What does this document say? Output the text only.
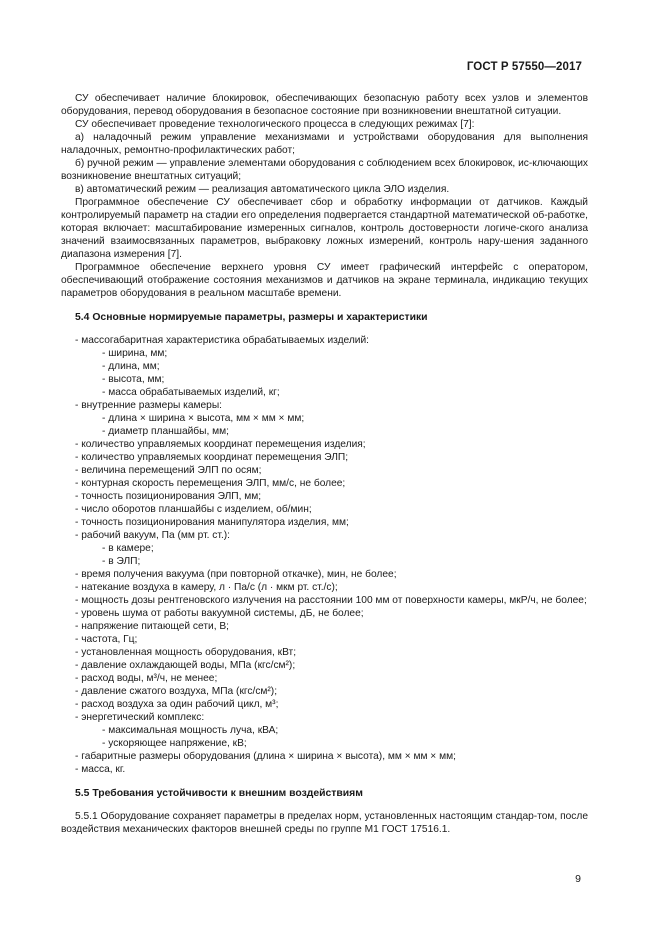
ГОСТ Р 57550—2017

СУ обеспечивает наличие блокировок, обеспечивающих безопасную работу всех узлов и элементов оборудования, перевод оборудования в безопасное состояние при возникновении внештатной ситуации.

СУ обеспечивает проведение технологического процесса в следующих режимах [7]:

а) наладочный режим управление механизмами и устройствами оборудования для выполнения наладочных, ремонтно-профилактических работ;

б) ручной режим — управление элементами оборудования с соблюдением всех блокировок, ис-ключающих возникновение внештатных ситуаций;

в) автоматический режим — реализация автоматического цикла ЭЛО изделия.

Программное обеспечение СУ обеспечивает сбор и обработку информации от датчиков. Каждый контролируемый параметр на стадии его определения подвергается стандартной математической об-работке, которая включает: масштабирование измеренных сигналов, контроль достоверности логиче-ского анализа значений взаимосвязанных параметров, выбраковку ложных измерений, контроль нару-шения заданного диапазона измерения [7].

Программное обеспечение верхнего уровня СУ имеет графический интерфейс с оператором, обеспечивающий отображение состояния механизмов и датчиков на экране терминала, индикацию текущих параметров оборудования в реальном масштабе времени.

5.4 Основные нормируемые параметры, размеры и характеристики
- массогабаритная характеристика обрабатываемых изделий:
- ширина, мм;
- длина, мм;
- высота, мм;
- масса обрабатываемых изделий, кг;
- внутренние размеры камеры:
- длина × ширина × высота, мм × мм × мм;
- диаметр планшайбы, мм;
- количество управляемых координат перемещения изделия;
- количество управляемых координат перемещения ЭЛП;
- величина перемещений ЭЛП по осям;
- контурная скорость перемещения ЭЛП, мм/с, не более;
- точность позиционирования ЭЛП, мм;
- число оборотов планшайбы с изделием, об/мин;
- точность позиционирования манипулятора изделия, мм;
- рабочий вакуум, Па (мм рт. ст.):
- в камере;
- в ЭЛП;
- время получения вакуума (при повторной откачке), мин, не более;
- натекание воздуха в камеру, л · Па/с (л · мкм рт. ст./с);
- мощность дозы рентгеновского излучения на расстоянии 100 мм от поверхности камеры, мкР/ч, не более;
- уровень шума от работы вакуумной системы, дБ, не более;
- напряжение питающей сети, В;
- частота, Гц;
- установленная мощность оборудования, кВт;
- давление охлаждающей воды, МПа (кгс/см²);
- расход воды, м³/ч, не менее;
- давление сжатого воздуха, МПа (кгс/см²);
- расход воздуха за один рабочий цикл, м³;
- энергетический комплекс:
- максимальная мощность луча, кВА;
- ускоряющее напряжение, кВ;
- габаритные размеры оборудования (длина × ширина × высота), мм × мм × мм;
- масса, кг.
5.5 Требования устойчивости к внешним воздействиям

5.5.1 Оборудование сохраняет параметры в пределах норм, установленных настоящим стандар-том, после воздействия механических факторов внешней среды по группе М1 ГОСТ 17516.1.

9
